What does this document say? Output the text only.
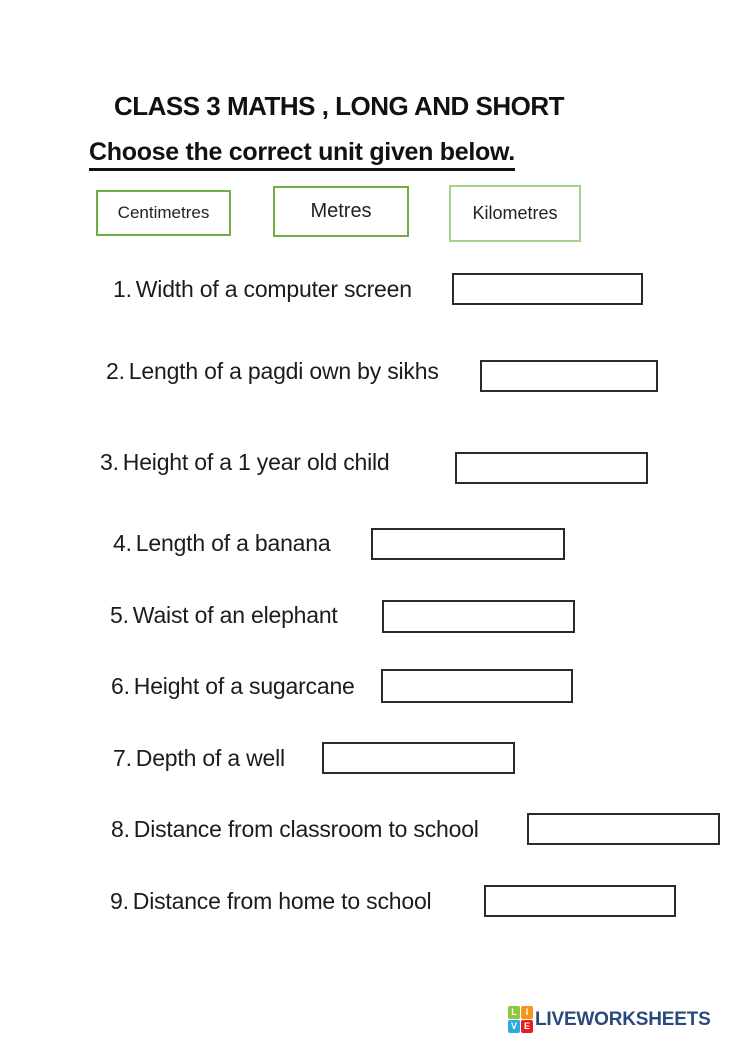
CLASS 3 MATHS , LONG AND SHORT
Choose the correct unit given below.
Centimetres	Metres	Kilometres
1. Width of a computer screen
2. Length of a pagdi own by sikhs
3. Height of a 1 year old child
4. Length of a banana
5. Waist of an elephant
6. Height of a sugarcane
7. Depth of a well
8. Distance from classroom to school
9. Distance from home to school
L I
V E LIVEWORKSHEETS
